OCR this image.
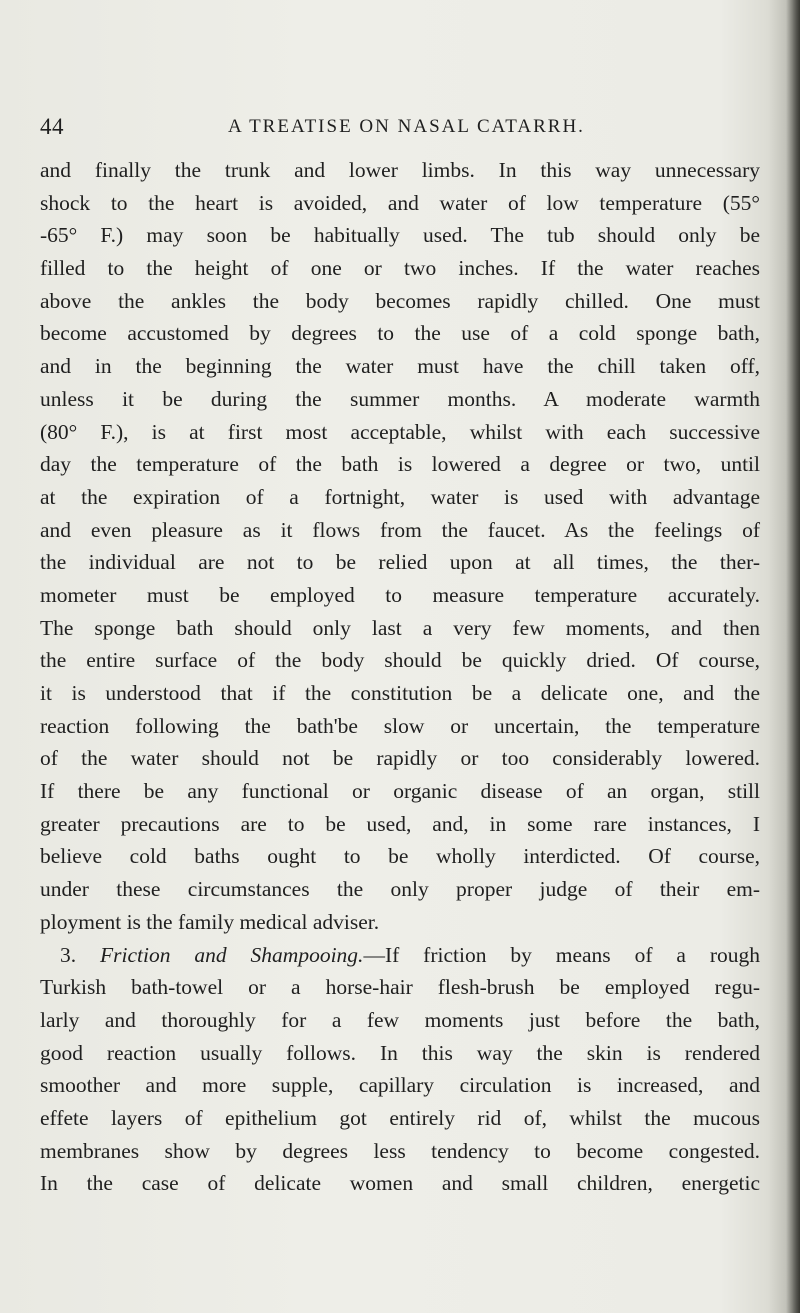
44	A TREATISE ON NASAL CATARRH.
and finally the trunk and lower limbs. In this way unnecessary
shock to the heart is avoided, and water of low temperature (55°
-65° F.) may soon be habitually used. The tub should only be
filled to the height of one or two inches. If the water reaches
above the ankles the body becomes rapidly chilled. One must
become accustomed by degrees to the use of a cold sponge bath,
and in the beginning the water must have the chill taken off,
unless it be during the summer months. A moderate warmth
(80° F.), is at first most acceptable, whilst with each successive
day the temperature of the bath is lowered a degree or two, until
at the expiration of a fortnight, water is used with advantage
and even pleasure as it flows from the faucet. As the feelings of
the individual are not to be relied upon at all times, the ther-
mometer must be employed to measure temperature accurately.
The sponge bath should only last a very few moments, and then
the entire surface of the body should be quickly dried. Of course,
it is understood that if the constitution be a delicate one, and the
reaction following the bath'be slow or uncertain, the temperature
of the water should not be rapidly or too considerably lowered.
If there be any functional or organic disease of an organ, still
greater precautions are to be used, and, in some rare instances, I
believe cold baths ought to be wholly interdicted. Of course,
under these circumstances the only proper judge of their em-
ployment is the family medical adviser.
3. Friction and Shampooing.—If friction by means of a rough
Turkish bath-towel or a horse-hair flesh-brush be employed regu-
larly and thoroughly for a few moments just before the bath,
good reaction usually follows. In this way the skin is rendered
smoother and more supple, capillary circulation is increased, and
effete layers of epithelium got entirely rid of, whilst the mucous
membranes show by degrees less tendency to become congested.
In the case of delicate women and small children, energetic
